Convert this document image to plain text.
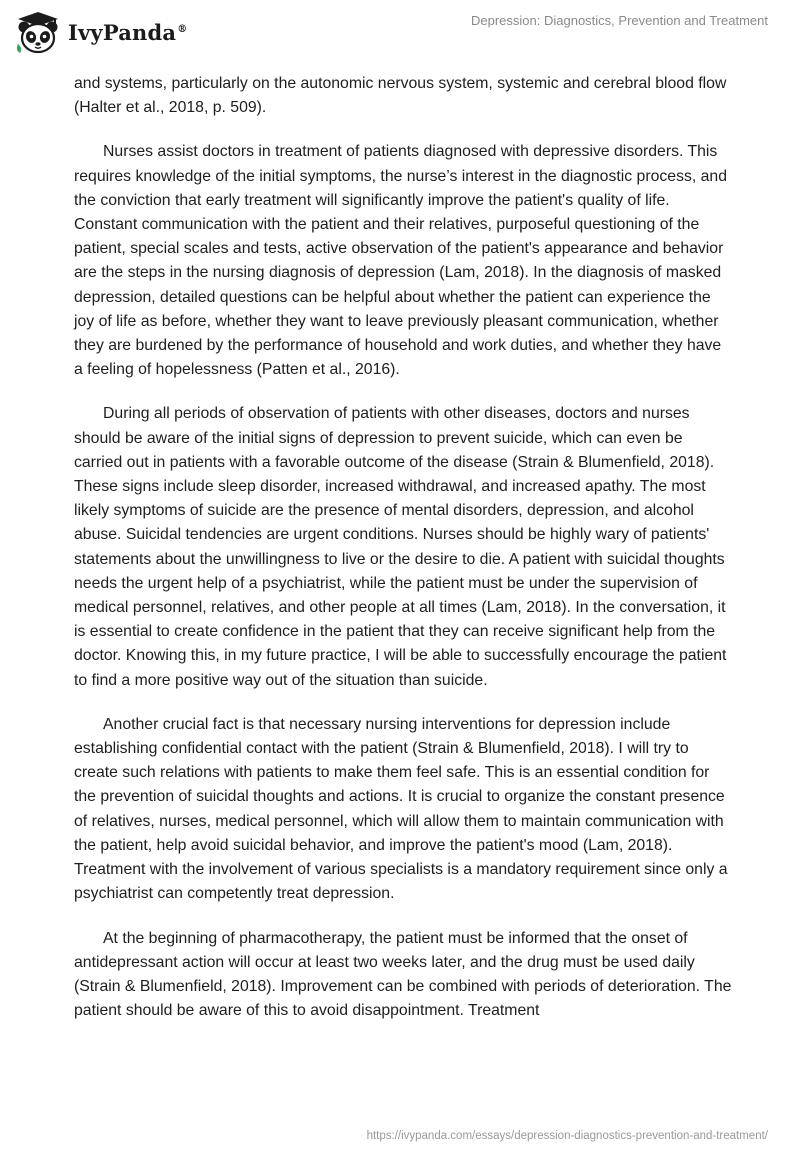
IvyPanda®
Depression: Diagnostics, Prevention and Treatment

and systems, particularly on the autonomic nervous system, systemic and cerebral blood flow (Halter et al., 2018, p. 509).

Nurses assist doctors in treatment of patients diagnosed with depressive disorders. This requires knowledge of the initial symptoms, the nurse’s interest in the diagnostic process, and the conviction that early treatment will significantly improve the patient's quality of life. Constant communication with the patient and their relatives, purposeful questioning of the patient, special scales and tests, active observation of the patient's appearance and behavior are the steps in the nursing diagnosis of depression (Lam, 2018). In the diagnosis of masked depression, detailed questions can be helpful about whether the patient can experience the joy of life as before, whether they want to leave previously pleasant communication, whether they are burdened by the performance of household and work duties, and whether they have a feeling of hopelessness (Patten et al., 2016).

During all periods of observation of patients with other diseases, doctors and nurses should be aware of the initial signs of depression to prevent suicide, which can even be carried out in patients with a favorable outcome of the disease (Strain & Blumenfield, 2018). These signs include sleep disorder, increased withdrawal, and increased apathy. The most likely symptoms of suicide are the presence of mental disorders, depression, and alcohol abuse. Suicidal tendencies are urgent conditions. Nurses should be highly wary of patients' statements about the unwillingness to live or the desire to die. A patient with suicidal thoughts needs the urgent help of a psychiatrist, while the patient must be under the supervision of medical personnel, relatives, and other people at all times (Lam, 2018). In the conversation, it is essential to create confidence in the patient that they can receive significant help from the doctor. Knowing this, in my future practice, I will be able to successfully encourage the patient to find a more positive way out of the situation than suicide.

Another crucial fact is that necessary nursing interventions for depression include establishing confidential contact with the patient (Strain & Blumenfield, 2018). I will try to create such relations with patients to make them feel safe. This is an essential condition for the prevention of suicidal thoughts and actions. It is crucial to organize the constant presence of relatives, nurses, medical personnel, which will allow them to maintain communication with the patient, help avoid suicidal behavior, and improve the patient's mood (Lam, 2018). Treatment with the involvement of various specialists is a mandatory requirement since only a psychiatrist can competently treat depression.

At the beginning of pharmacotherapy, the patient must be informed that the onset of antidepressant action will occur at least two weeks later, and the drug must be used daily (Strain & Blumenfield, 2018). Improvement can be combined with periods of deterioration. The patient should be aware of this to avoid disappointment. Treatment

https://ivypanda.com/essays/depression-diagnostics-prevention-and-treatment/
